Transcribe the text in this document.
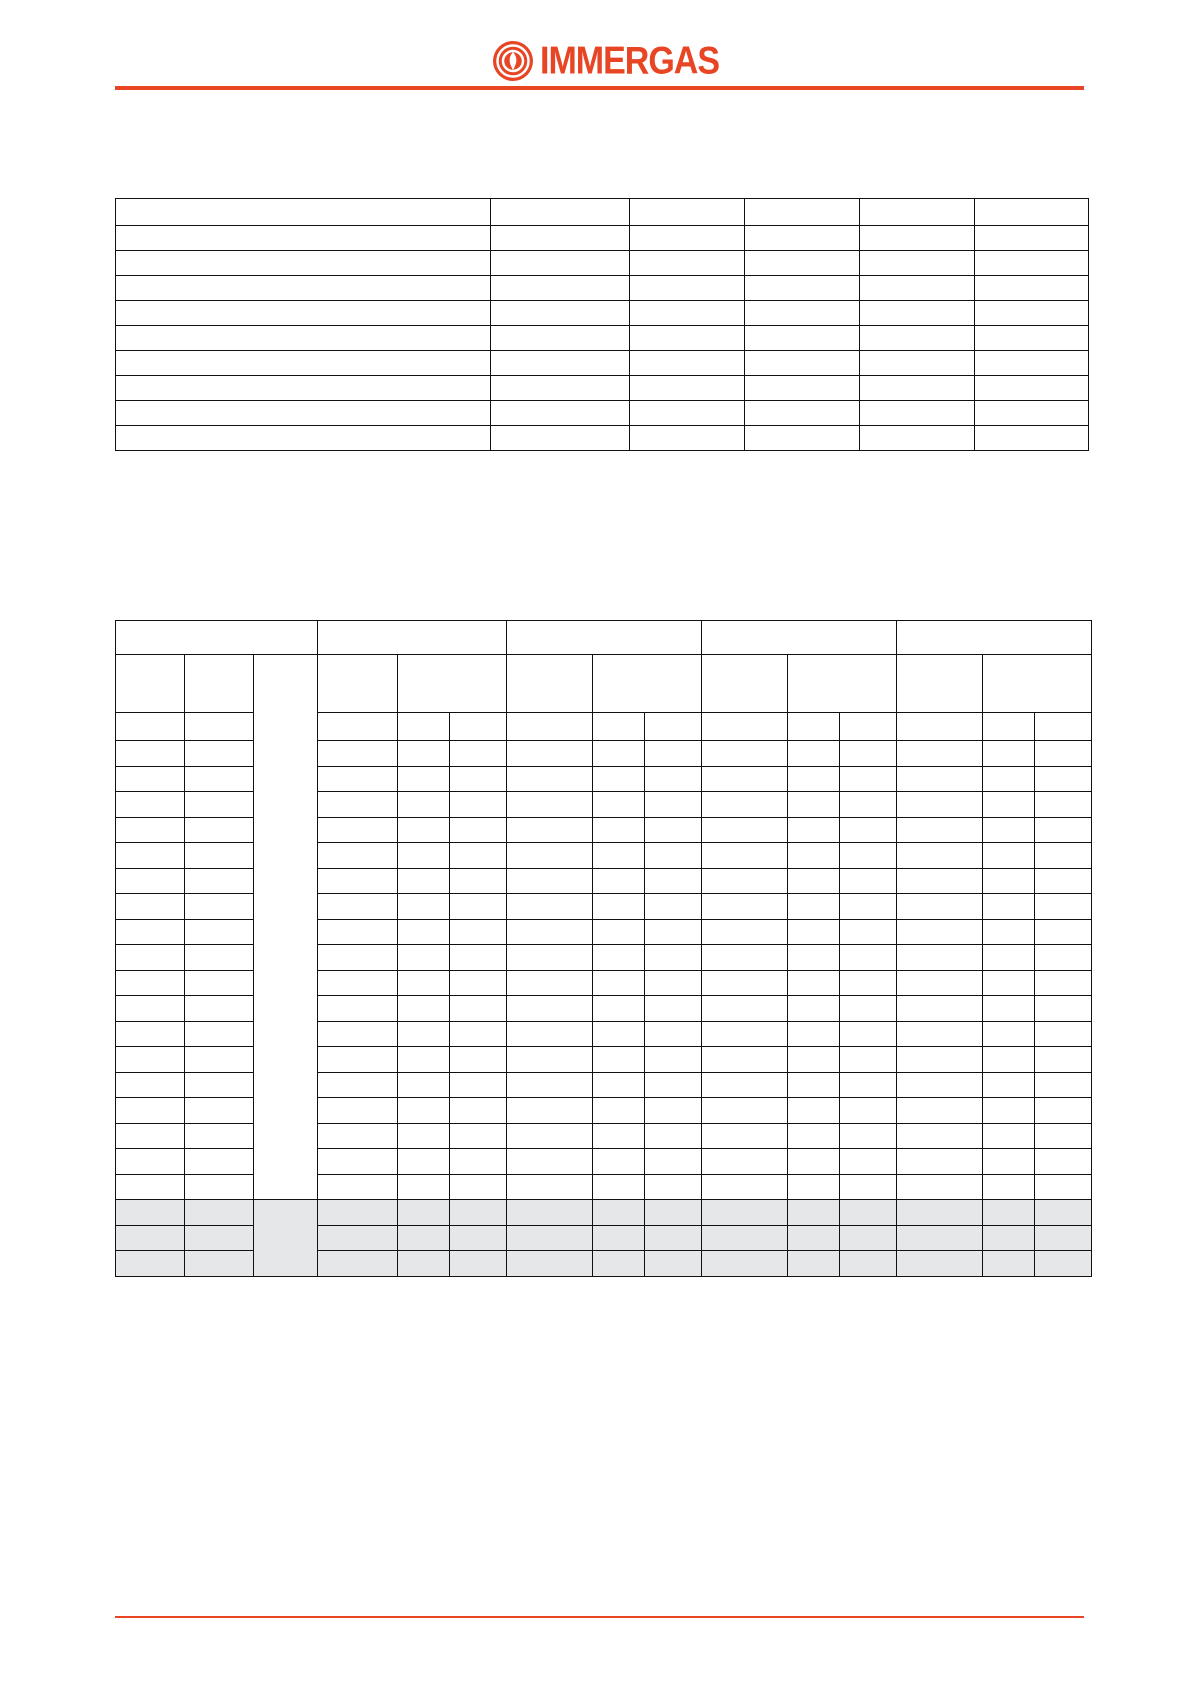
IMMERGAS
